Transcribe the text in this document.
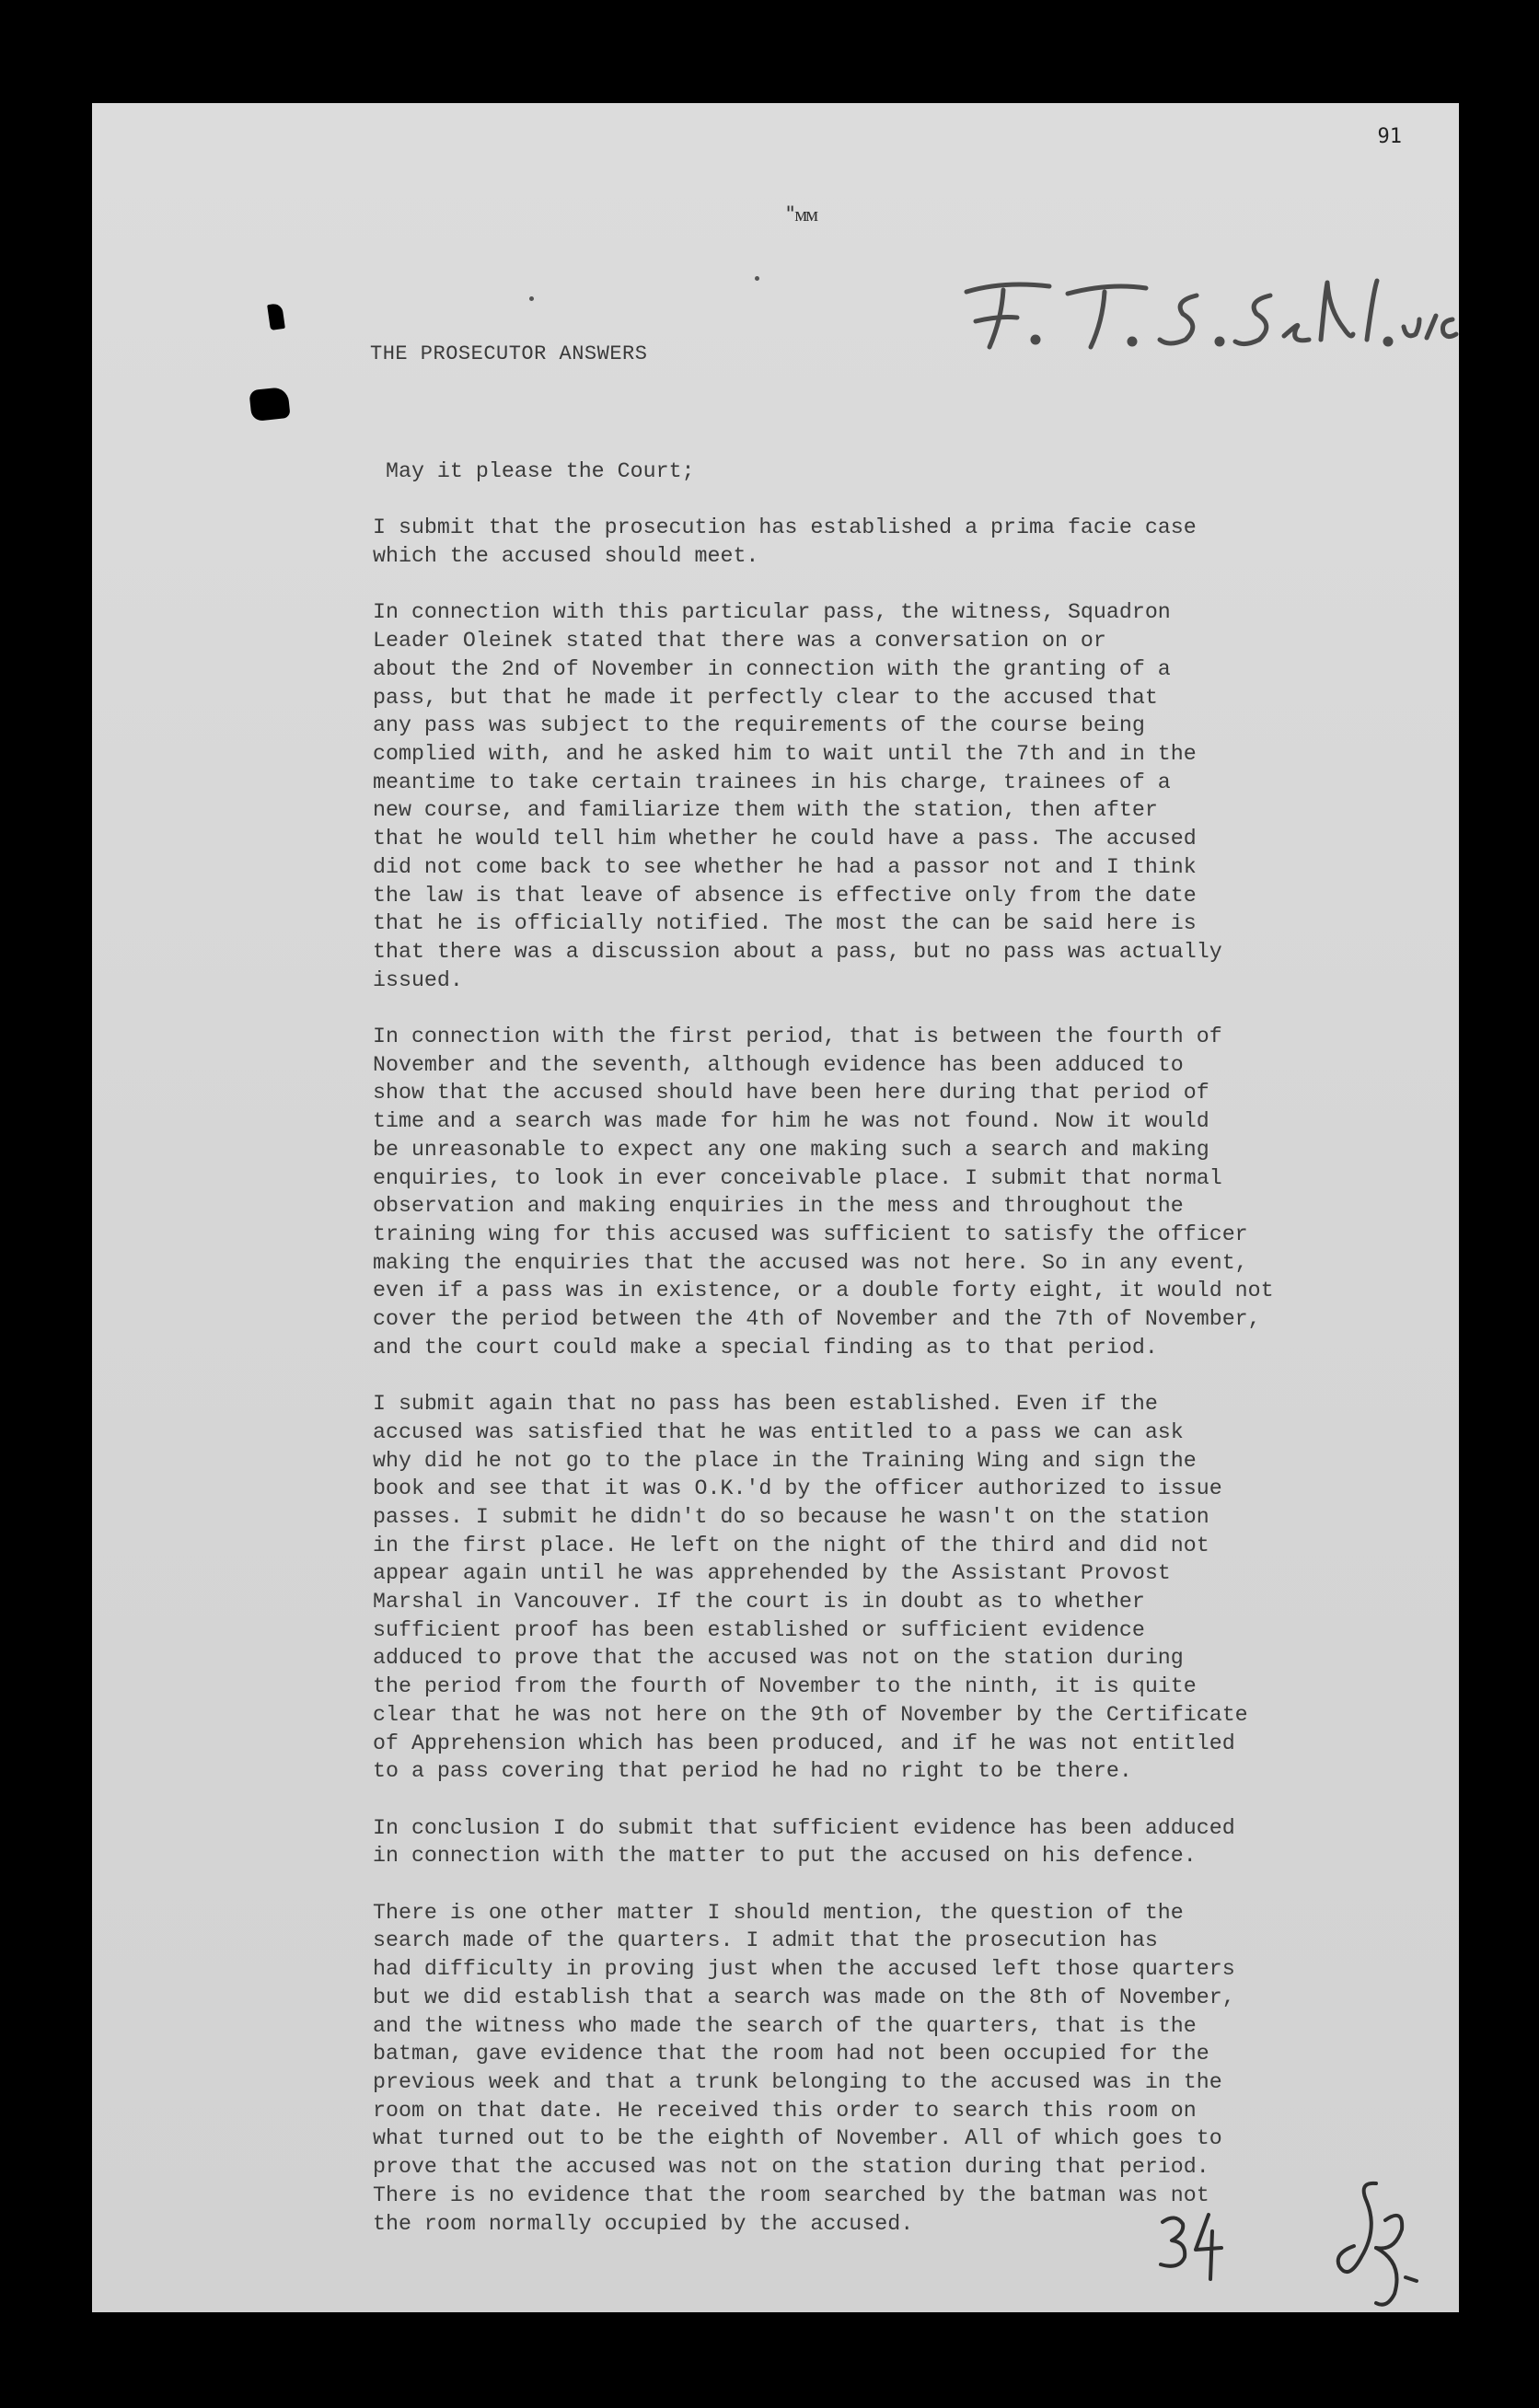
91
"ᴍᴍ
F. T. S. Sehl. u/c
THE PROSECUTOR ANSWERS

May it please the Court;

I submit that the prosecution has established a prima facie case
which the accused should meet.

In connection with this particular pass, the witness, Squadron
Leader Oleinek stated that there was a conversation on or
about the 2nd of November in connection with the granting of a
pass, but that he made it perfectly clear to the accused that
any pass was subject to the requirements of the course being
complied with, and he asked him to wait until the 7th and in the
meantime to take certain trainees in his charge, trainees of a
new course, and familiarize them with the station, then after
that he would tell him whether he could have a pass. The accused
did not come back to see whether he had a passor not and I think
the law is that leave of absence is effective only from the date
that he is officially notified. The most the can be said here is
that there was a discussion about a pass, but no pass was actually
issued.

In connection with the first period, that is between the fourth of
November and the seventh, although evidence has been adduced to
show that the accused should have been here during that period of
time and a search was made for him he was not found. Now it would
be unreasonable to expect any one making such a search and making
enquiries, to look in ever conceivable place. I submit that normal
observation and making enquiries in the mess and throughout the
training wing for this accused was sufficient to satisfy the officer
making the enquiries that the accused was not here. So in any event,
even if a pass was in existence, or a double forty eight, it would not
cover the period between the 4th of November and the 7th of November,
and the court could make a special finding as to that period.

I submit again that no pass has been established. Even if the
accused was satisfied that he was entitled to a pass we can ask
why did he not go to the place in the Training Wing and sign the
book and see that it was O.K.'d by the officer authorized to issue
passes. I submit he didn't do so because he wasn't on the station
in the first place. He left on the night of the third and did not
appear again until he was apprehended by the Assistant Provost
Marshal in Vancouver. If the court is in doubt as to whether
sufficient proof has been established or sufficient evidence
adduced to prove that the accused was not on the station during
the period from the fourth of November to the ninth, it is quite
clear that he was not here on the 9th of November by the Certificate
of Apprehension which has been produced, and if he was not entitled
to a pass covering that period he had no right to be there.

In conclusion I do submit that sufficient evidence has been adduced
in connection with the matter to put the accused on his defence.

There is one other matter I should mention, the question of the
search made of the quarters. I admit that the prosecution has
had difficulty in proving just when the accused left those quarters
but we did establish that a search was made on the 8th of November,
and the witness who made the search of the quarters, that is the
batman, gave evidence that the room had not been occupied for the
previous week and that a trunk belonging to the accused was in the
room on that date. He received this order to search this room on
what turned out to be the eighth of November. All of which goes to
prove that the accused was not on the station during that period.
There is no evidence that the room searched by the batman was not
the room normally occupied by the accused.

34
JS
